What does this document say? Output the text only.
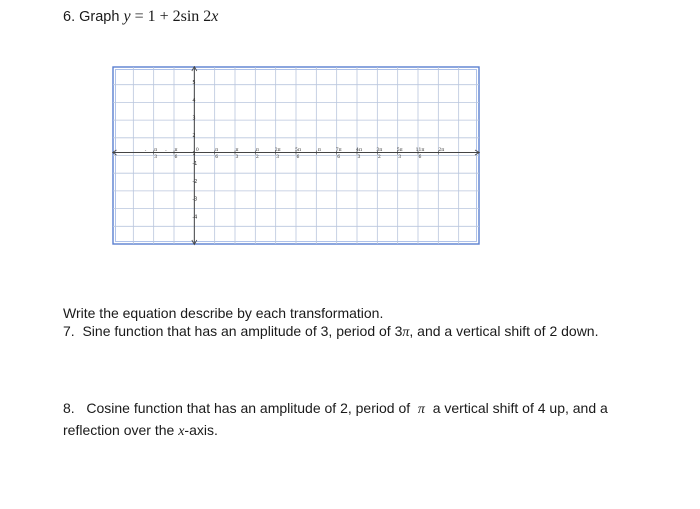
6. Graph y = 1 + 2sin 2x
π
3
π
6
0	π
6
π
3
π
2
2π
3
5π
6
π	7π
6
4π
3
3π
2
5π
3
11π
6
2π
-	-
5
4
3
2
1
-1
-2
-3
-4
Write the equation describe by each transformation.
7. Sine function that has an amplitude of 3, period of 3π, and a vertical shift of 2 down.
8. Cosine function that has an amplitude of 2, period of π a vertical shift of 4 up, and a reflection over the x-axis.
